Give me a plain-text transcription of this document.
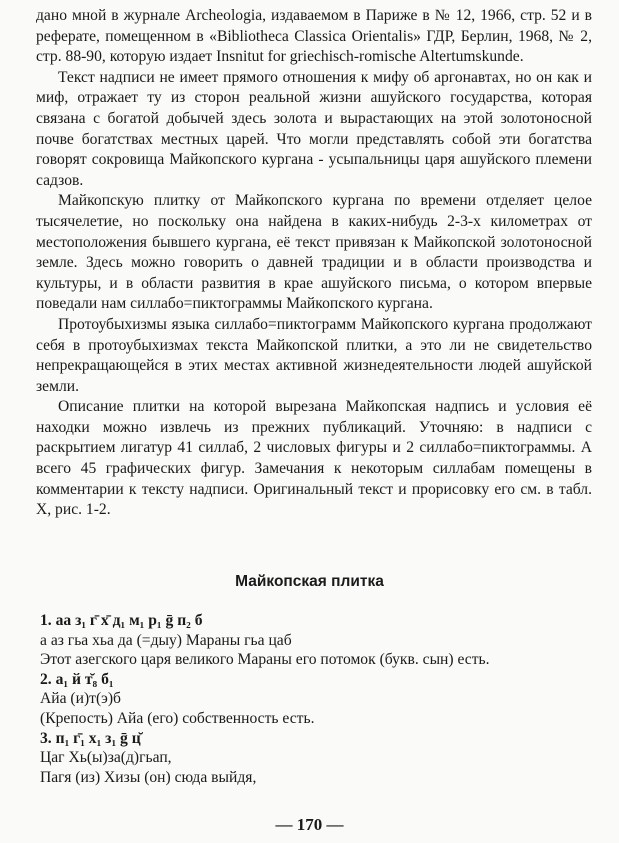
дано мной в журнале Archeologia, издаваемом в Париже в № 12, 1966, стр. 52 и в реферате, помещенном в «Bibliotheca Classica Orientalis» ГДР, Берлин, 1968, № 2, стр. 88-90, которую издает Insnitut for griechisch-romische Altertumskunde.

Текст надписи не имеет прямого отношения к мифу об аргонавтах, но он как и миф, отражает ту из сторон реальной жизни ашуйского государства, которая связана с богатой добычей здесь золота и вырастающих на этой золотоносной почве богатствах местных царей. Что могли представлять собой эти богатства говорят сокровища Майкопского кургана - усыпальницы царя ашуйского племени садзов.

Майкопскую плитку от Майкопского кургана по времени отделяет целое тысячелетие, но поскольку она найдена в каких-нибудь 2-3-х километрах от местоположения бывшего кургана, её текст привязан к Майкопской золотоносной земле. Здесь можно говорить о давней традиции и в области производства и культуры, и в области развития в крае ашуйского письма, о котором впервые поведали нам силлабо=пиктограммы Майкопского кургана.

Протоубыхизмы языка силлабо=пиктограмм Майкопского кургана продолжают себя в протоубыхизмах текста Майкопской плитки, а это ли не свидетельство непрекращающейся в этих местах активной жизнедеятельности людей ашуйской земли.

Описание плитки на которой вырезана Майкопская надпись и условия её находки можно извлечь из прежних публикаций. Уточняю: в надписи с раскрытием лигатур 41 силлаб, 2 числовых фигуры и 2 силлабо=пиктограммы. А всего 45 графических фигур. Замечания к некоторым силлабам помещены в комментарии к тексту надписи. Оригинальный текст и прорисовку его см. в табл. X, рис. 1-2.

Майкопская плитка
1. аа з₁ г̄ х̄ д₁ м₁ р₁ ḡ п₂ б
а аз гьа хьа да (=дыу) Мараны гьа цаб
Этот азегского царя великого Мараны его потомок (букв. сын) есть.
2. а₁ й т̆₈ б₁
Айа (и)т(э)б
(Крепость) Айа (его) собственность есть.
3. п₁ г̄₁ х₁ з₁ ḡ ц̆
Цаг Хь(ы)за(д)гьап,
Пагя (из) Хизы (он) сюда выйдя,
— 170 —
